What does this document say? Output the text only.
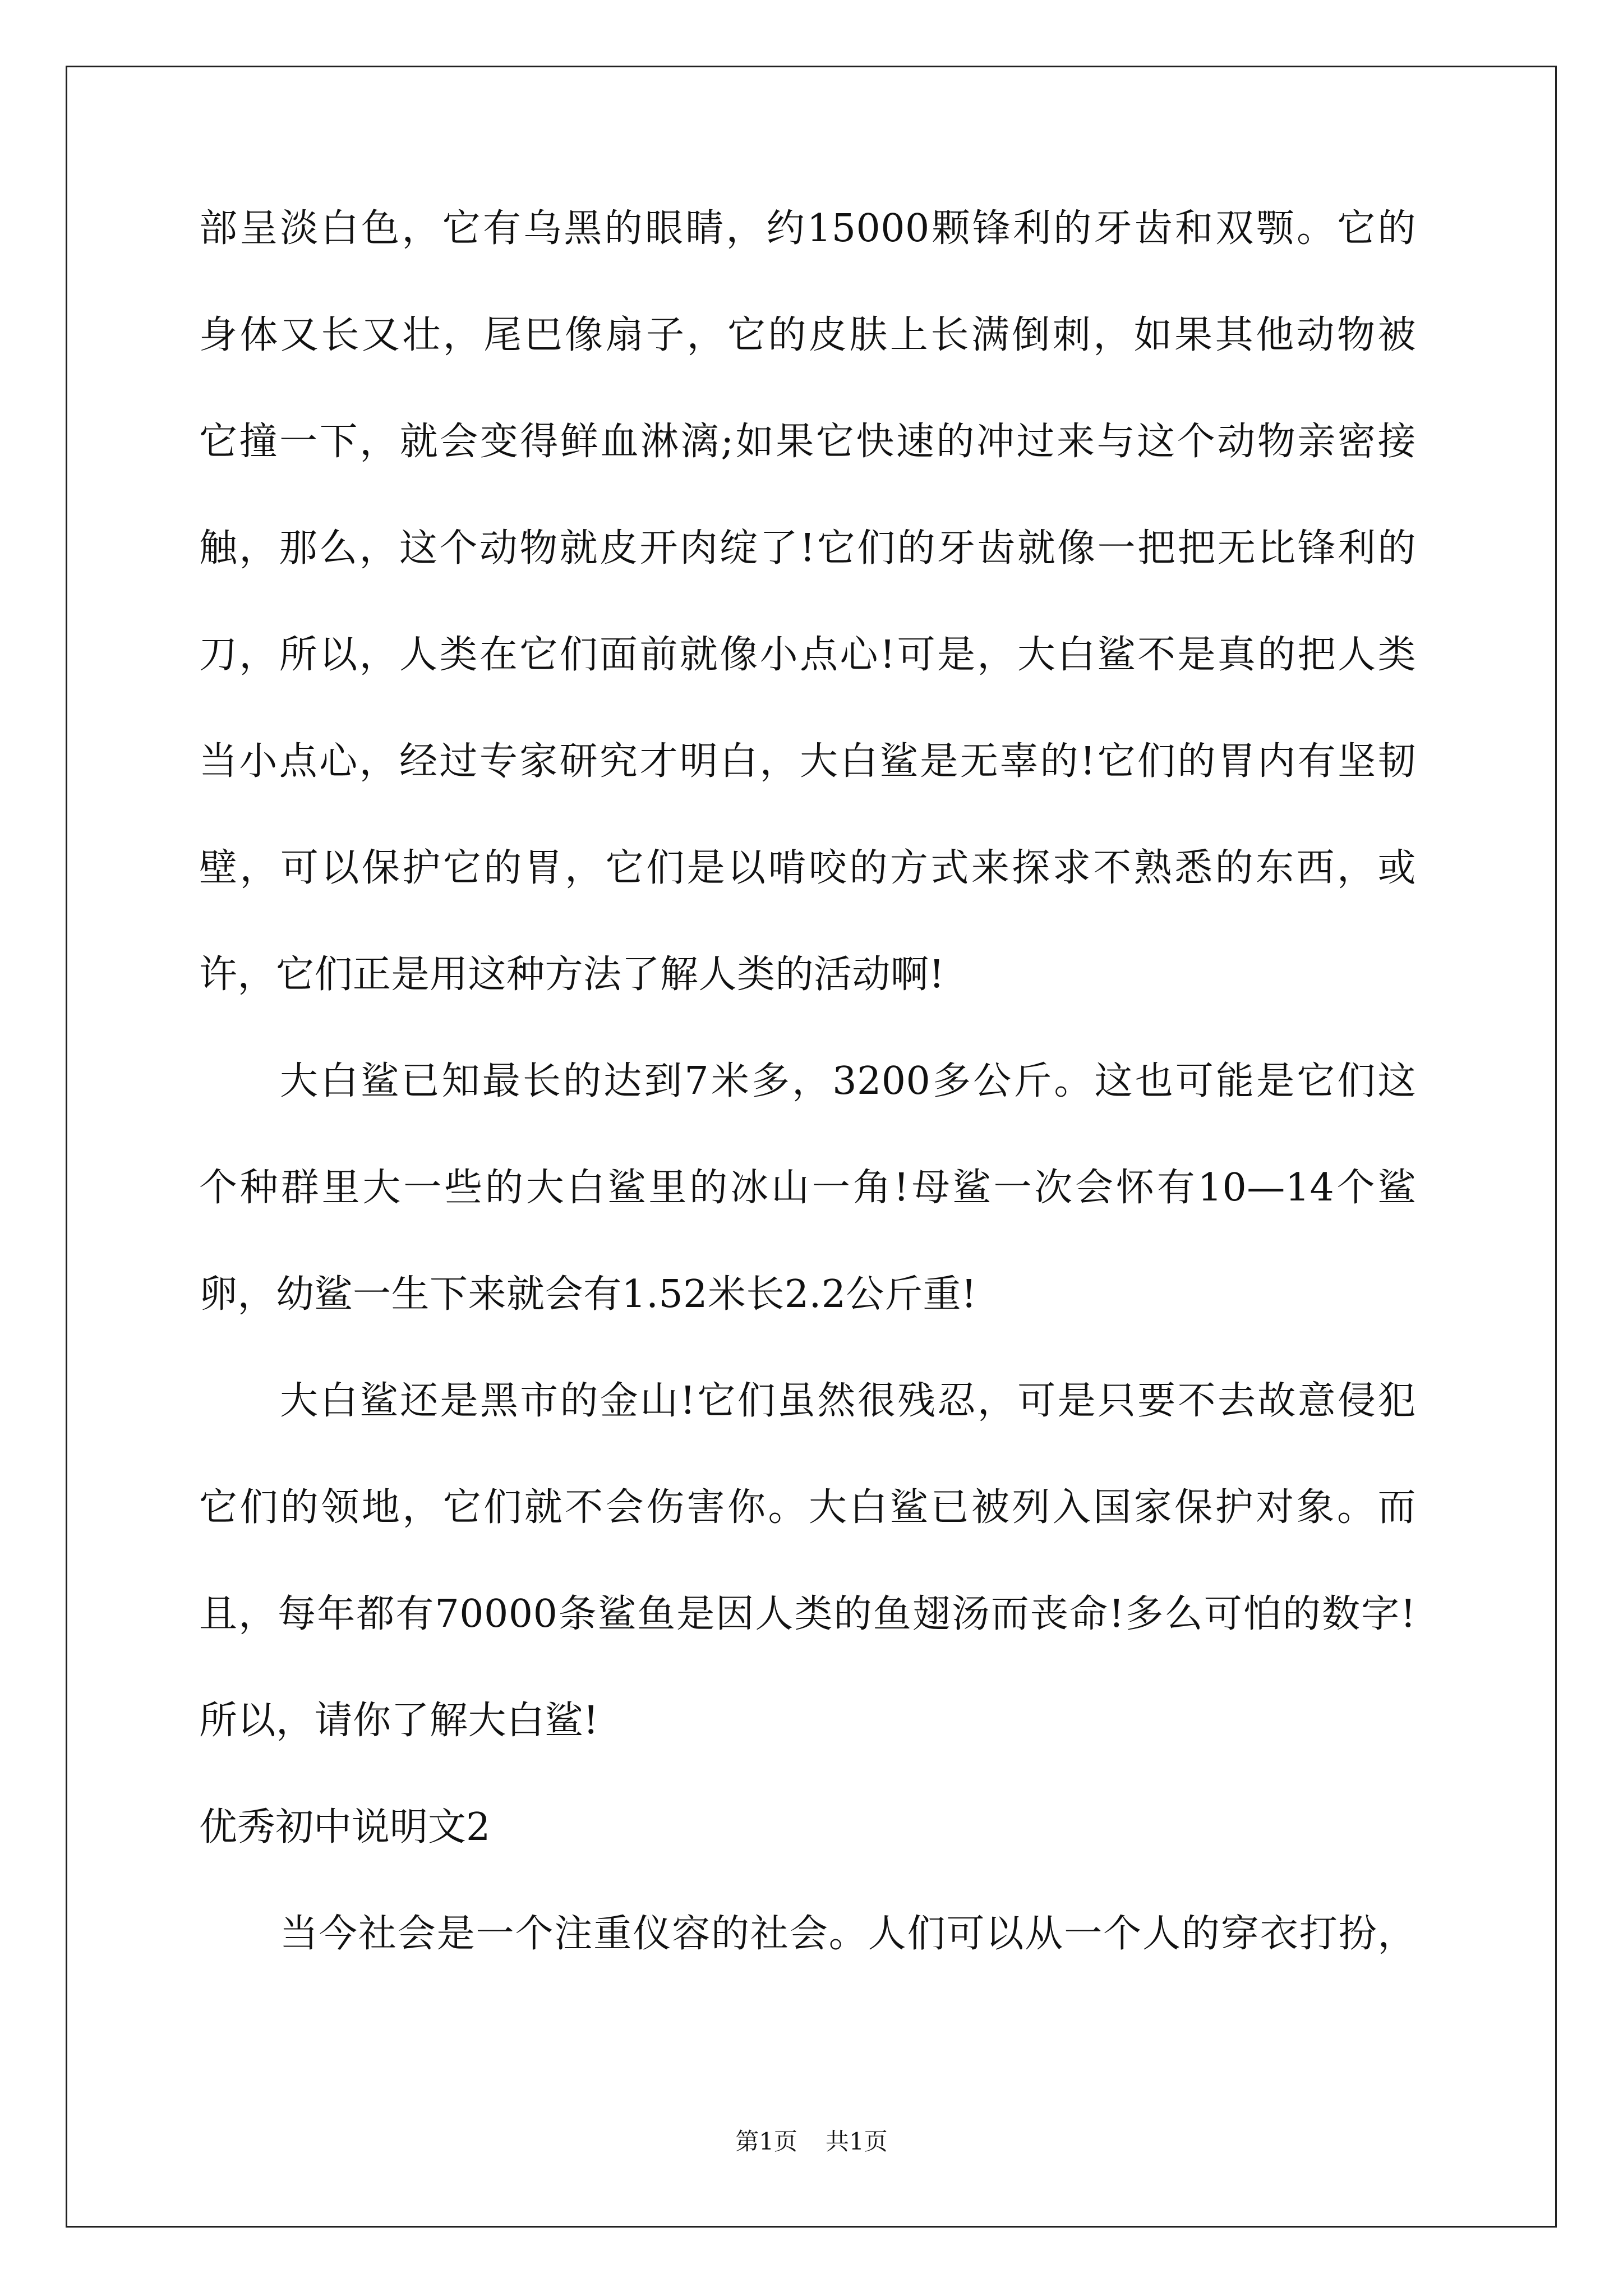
部呈淡白色，它有乌黑的眼睛，约15000颗锋利的牙齿和双颚。它的
身体又长又壮，尾巴像扇子，它的皮肤上长满倒刺，如果其他动物被
它撞一下，就会变得鲜血淋漓;如果它快速的冲过来与这个动物亲密接
触，那么，这个动物就皮开肉绽了!它们的牙齿就像一把把无比锋利的
刀，所以，人类在它们面前就像小点心!可是，大白鲨不是真的把人类
当小点心，经过专家研究才明白，大白鲨是无辜的!它们的胃内有坚韧
壁，可以保护它的胃，它们是以啃咬的方式来探求不熟悉的东西，或
许，它们正是用这种方法了解人类的活动啊!
大白鲨已知最长的达到7米多，3200多公斤。这也可能是它们这
个种群里大一些的大白鲨里的冰山一角!母鲨一次会怀有10—14个鲨
卵，幼鲨一生下来就会有1.52米长2.2公斤重!
大白鲨还是黑市的金山!它们虽然很残忍，可是只要不去故意侵犯
它们的领地，它们就不会伤害你。大白鲨已被列入国家保护对象。而
且，每年都有70000条鲨鱼是因人类的鱼翅汤而丧命!多么可怕的数字!
所以，请你了解大白鲨!
优秀初中说明文2
当今社会是一个注重仪容的社会。人们可以从一个人的穿衣打扮，
第1页 共1页
